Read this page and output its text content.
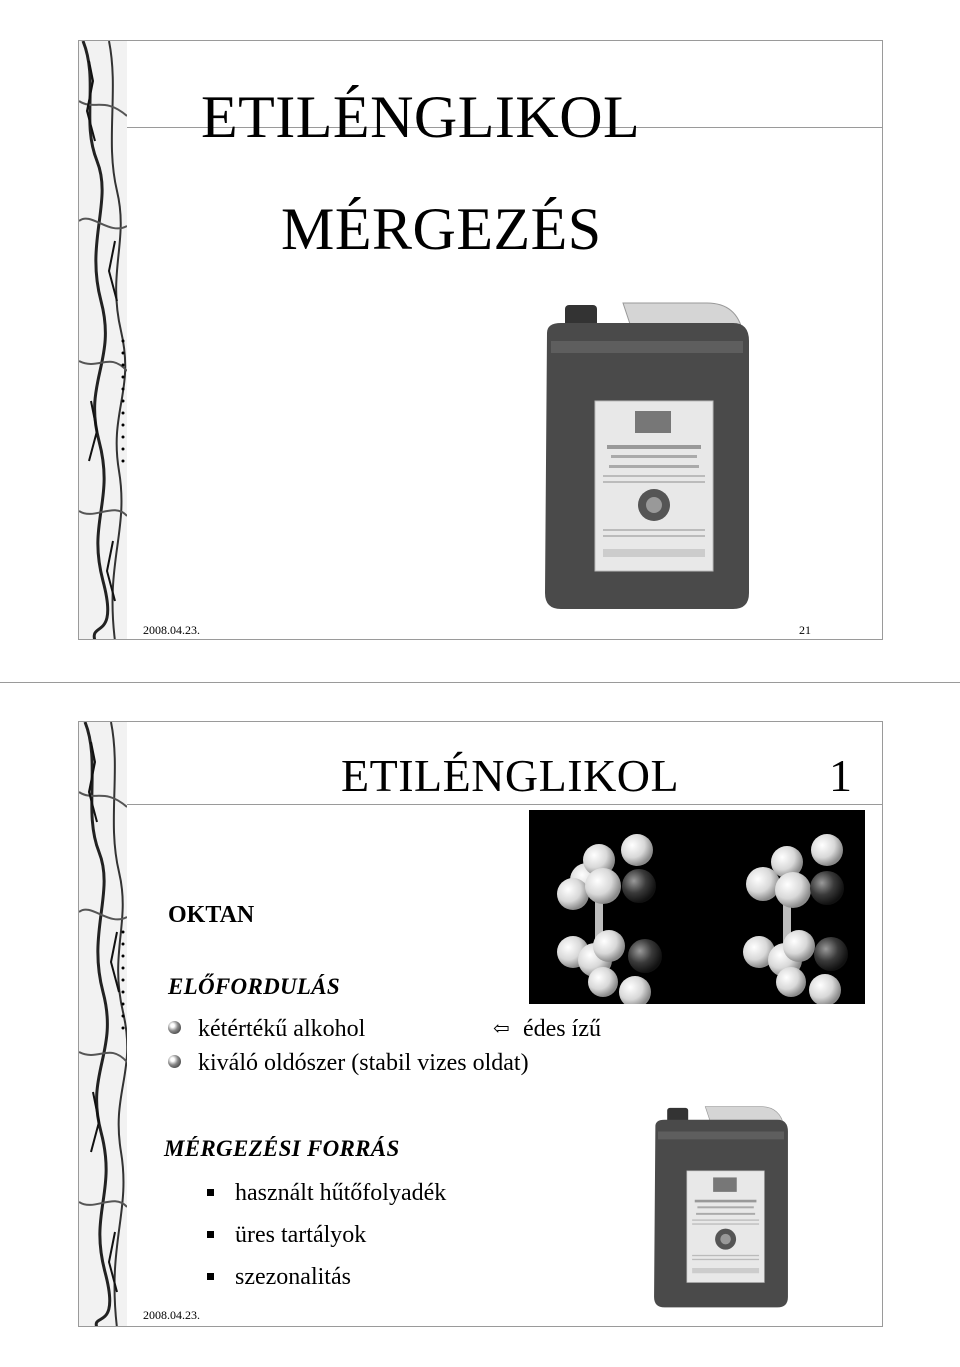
ETILÉNGLIKOL
MÉRGEZÉS
2008.04.23.	21
ETILÉNGLIKOL	1
OKTAN
ELŐFORDULÁS
kétértékű alkohol	⇦ édes ízű
kiváló oldószer (stabil vizes oldat)
MÉRGEZÉSI FORRÁS
használt hűtőfolyadék
üres tartályok
szezonalitás
2008.04.23.
